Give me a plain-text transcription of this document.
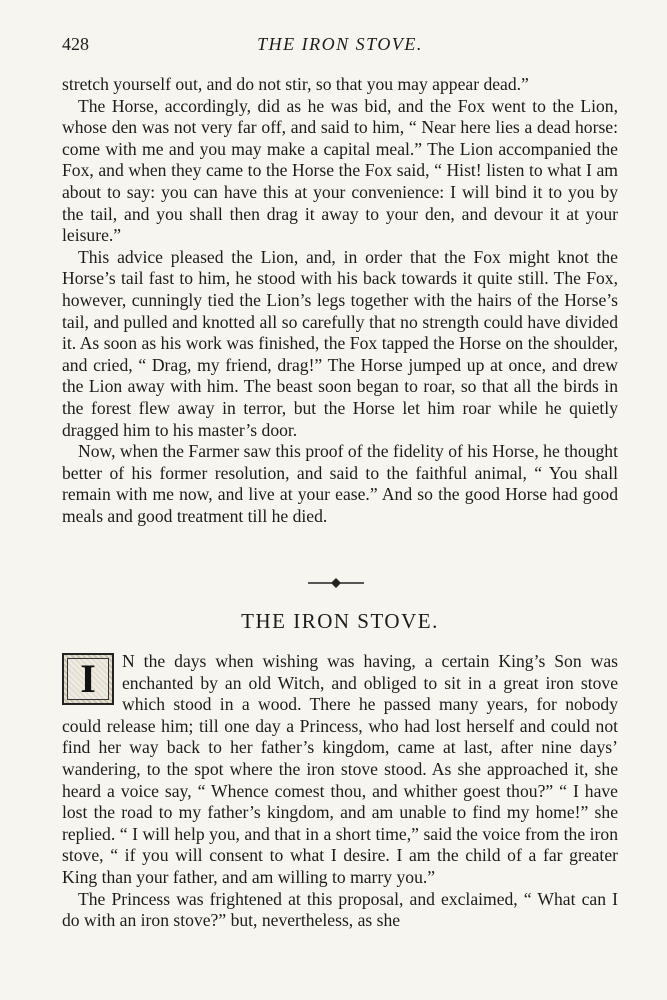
428	THE IRON STOVE.

stretch yourself out, and do not stir, so that you may appear dead.”

The Horse, accordingly, did as he was bid, and the Fox went to the Lion, whose den was not very far off, and said to him, “ Near here lies a dead horse: come with me and you may make a capital meal.” The Lion accompanied the Fox, and when they came to the Horse the Fox said, “ Hist! listen to what I am about to say: you can have this at your convenience: I will bind it to you by the tail, and you shall then drag it away to your den, and devour it at your leisure.”

This advice pleased the Lion, and, in order that the Fox might knot the Horse’s tail fast to him, he stood with his back towards it quite still. The Fox, however, cunningly tied the Lion’s legs together with the hairs of the Horse’s tail, and pulled and knotted all so carefully that no strength could have divided it. As soon as his work was finished, the Fox tapped the Horse on the shoulder, and cried, “ Drag, my friend, drag!” The Horse jumped up at once, and drew the Lion away with him. The beast soon began to roar, so that all the birds in the forest flew away in terror, but the Horse let him roar while he quietly dragged him to his master’s door.

Now, when the Farmer saw this proof of the fidelity of his Horse, he thought better of his former resolution, and said to the faithful animal, “ You shall remain with me now, and live at your ease.” And so the good Horse had good meals and good treatment till he died.

THE IRON STOVE.

I	N the days when wishing was having, a certain King’s Son was enchanted by an old Witch, and obliged to sit in a great iron stove which stood in a wood. There he passed many years, for nobody could release him; till one day a Princess, who had lost herself and could not find her way back to her father’s kingdom, came at last, after nine days’ wandering, to the spot where the iron stove stood. As she approached it, she heard a voice say, “ Whence comest thou, and whither goest thou?” “ I have lost the road to my father’s kingdom, and am unable to find my home!” she replied. “ I will help you, and that in a short time,” said the voice from the iron stove, “ if you will consent to what I desire. I am the child of a far greater King than your father, and am willing to marry you.”

The Princess was frightened at this proposal, and exclaimed, “ What can I do with an iron stove?” but, nevertheless, as she
